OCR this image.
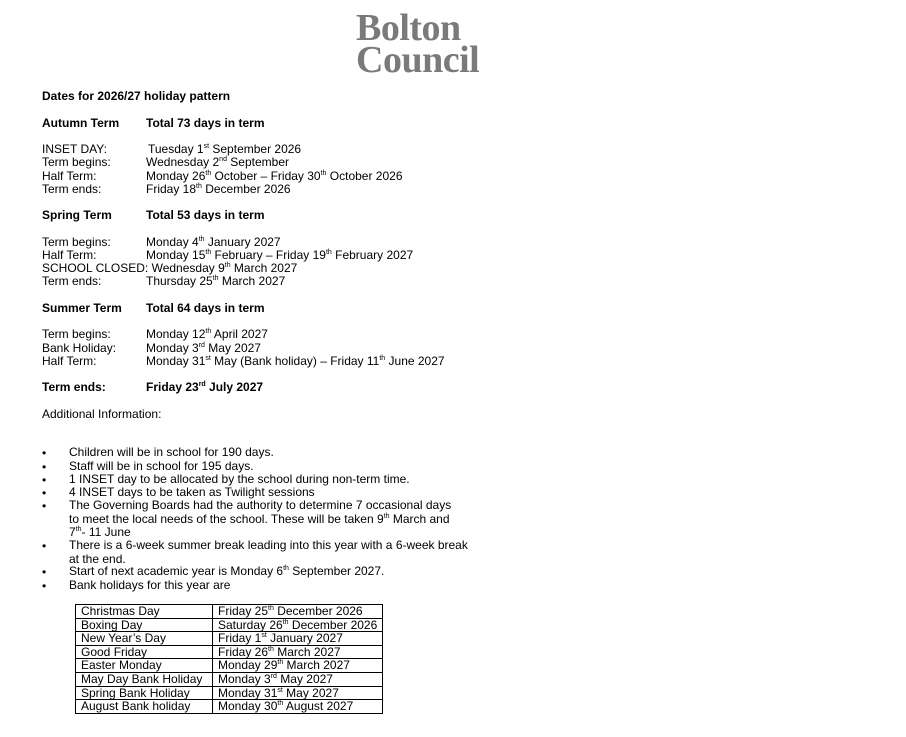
Bolton
Council
Dates for 2026/27 holiday pattern
Autumn Term Total 73 days in term
INSET DAY:	Tuesday 1st September 2026
Term begins:	Wednesday 2nd September
Half Term:	Monday 26th October – Friday 30th October 2026
Term ends:	Friday 18th December 2026
Spring Term	Total 53 days in term
Term begins:	Monday 4th January 2027
Half Term:	Monday 15th February – Friday 19th February 2027
SCHOOL CLOSED: Wednesday 9th March 2027
Term ends:	Thursday 25th March 2027
Summer Term Total 64 days in term
Term begins:	Monday 12th April 2027
Bank Holiday: Monday 3rd May 2027
Half Term:	Monday 31st May (Bank holiday) – Friday 11th June 2027
Term ends:	Friday 23rd July 2027
Additional Information:
• Children will be in school for 190 days.
• Staff will be in school for 195 days.
• 1 INSET day to be allocated by the school during non-term time.
• 4 INSET days to be taken as Twilight sessions
• The Governing Boards had the authority to determine 7 occasional days to meet the local needs of the school. These will be taken 9th March and 7th- 11 June
• There is a 6-week summer break leading into this year with a 6-week break at the end.
• Start of next academic year is Monday 6th September 2027.
• Bank holidays for this year are
Christmas Day	Friday 25th December 2026
Boxing Day	Saturday 26th December 2026
New Year’s Day	Friday 1st January 2027
Good Friday	Friday 26th March 2027
Easter Monday	Monday 29th March 2027
May Day Bank Holiday	Monday 3rd May 2027
Spring Bank Holiday	Monday 31st May 2027
August Bank holiday	Monday 30th August 2027
